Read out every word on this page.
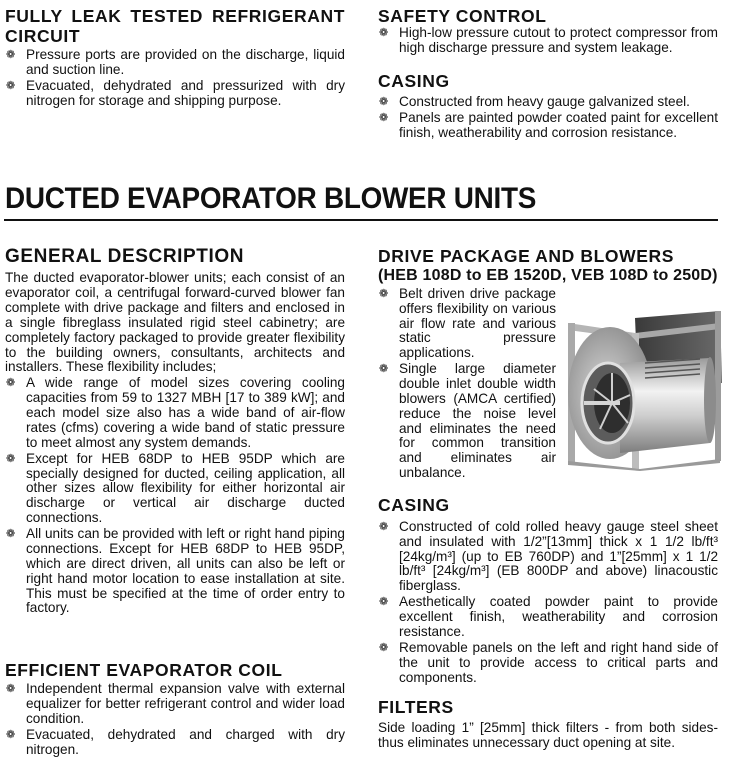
FULLY LEAK TESTED REFRIGERANT CIRCUIT
❁ Pressure ports are provided on the discharge, liquid and suction line.
❁ Evacuated, dehydrated and pressurized with dry nitrogen for storage and shipping purpose.
SAFETY CONTROL
❁ High-low pressure cutout to protect compressor from high discharge pressure and system leakage.
CASING
❁ Constructed from heavy gauge galvanized steel.
❁ Panels are painted powder coated paint for excellent finish, weatherability and corrosion resistance.
DUCTED EVAPORATOR BLOWER UNITS
GENERAL DESCRIPTION

The ducted evaporator-blower units; each consist of an evaporator coil, a centrifugal forward-curved blower fan complete with drive package and filters and enclosed in a single fibreglass insulated rigid steel cabinetry; are completely factory packaged to provide greater flexibility to the building owners, consultants, architects and installers. These flexibility includes;

❁ A wide range of model sizes covering cooling capacities from 59 to 1327 MBH [17 to 389 kW]; and each model size also has a wide band of air-flow rates (cfms) covering a wide band of static pressure to meet almost any system demands.
❁ Except for HEB 68DP to HEB 95DP which are specially designed for ducted, ceiling application, all other sizes allow flexibility for either horizontal air discharge or vertical air discharge ducted connections.
❁ All units can be provided with left or right hand piping connections. Except for HEB 68DP to HEB 95DP, which are direct driven, all units can also be left or right hand motor location to ease installation at site. This must be specified at the time of order entry to factory.
EFFICIENT EVAPORATOR COIL
❁ Independent thermal expansion valve with external equalizer for better refrigerant control and wider load condition.
❁ Evacuated, dehydrated and charged with dry nitrogen.
DRIVE PACKAGE AND BLOWERS
(HEB 108D to EB 1520D, VEB 108D to 250D)
❁ Belt driven drive package offers flexibility on various air flow rate and various static pressure applications.
❁ Single large diameter double inlet double width blowers (AMCA certified) reduce the noise level and eliminates the need for common transition and eliminates air unbalance.
CASING
❁ Constructed of cold rolled heavy gauge steel sheet and insulated with 1/2”[13mm] thick x 1 1/2 lb/ft³ [24kg/m³] (up to EB 760DP) and 1”[25mm] x 1 1/2 lb/ft³ [24kg/m³] (EB 800DP and above) linacoustic fiberglass.
❁ Aesthetically coated powder paint to provide excellent finish, weatherability and corrosion resistance.
❁ Removable panels on the left and right hand side of the unit to provide access to critical parts and components.
FILTERS

Side loading 1” [25mm] thick filters - from both sides-thus eliminates unnecessary duct opening at site.
